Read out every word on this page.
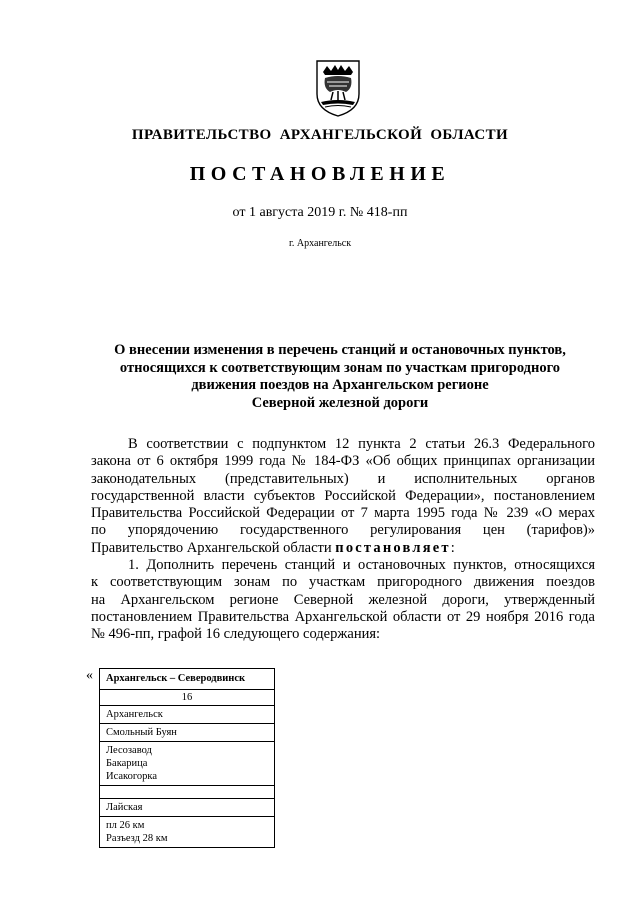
ПРАВИТЕЛЬСТВО АРХАНГЕЛЬСКОЙ ОБЛАСТИ
ПОСТАНОВЛЕНИЕ
от 1 августа 2019 г. № 418-пп
г. Архангельск
О внесении изменения в перечень станций и остановочных пунктов,
относящихся к соответствующим зонам по участкам пригородного
движения поездов на Архангельском регионе
Северной железной дороги
В соответствии с подпунктом 12 пункта 2 статьи 26.3 Федерального
закона от 6 октября 1999 года № 184-ФЗ «Об общих принципах организации
законодательных (представительных) и исполнительных органов
государственной власти субъектов Российской Федерации», постановлением
Правительства Российской Федерации от 7 марта 1995 года № 239 «О мерах
по упорядочению государственного регулирования цен (тарифов)»
Правительство Архангельской области постановляет:
1. Дополнить перечень станций и остановочных пунктов, относящихся
к соответствующим зонам по участкам пригородного движения поездов
на Архангельском регионе Северной железной дороги, утвержденный
постановлением Правительства Архангельской области от 29 ноября 2016 года
№ 496-пп, графой 16 следующего содержания:
« Архангельск – Северодвинск
16

Архангельск

Смольный Буян

Лесозавод
Бакарица
Исакогорка

Лайская

пл 26 км
Разъезд 28 км
